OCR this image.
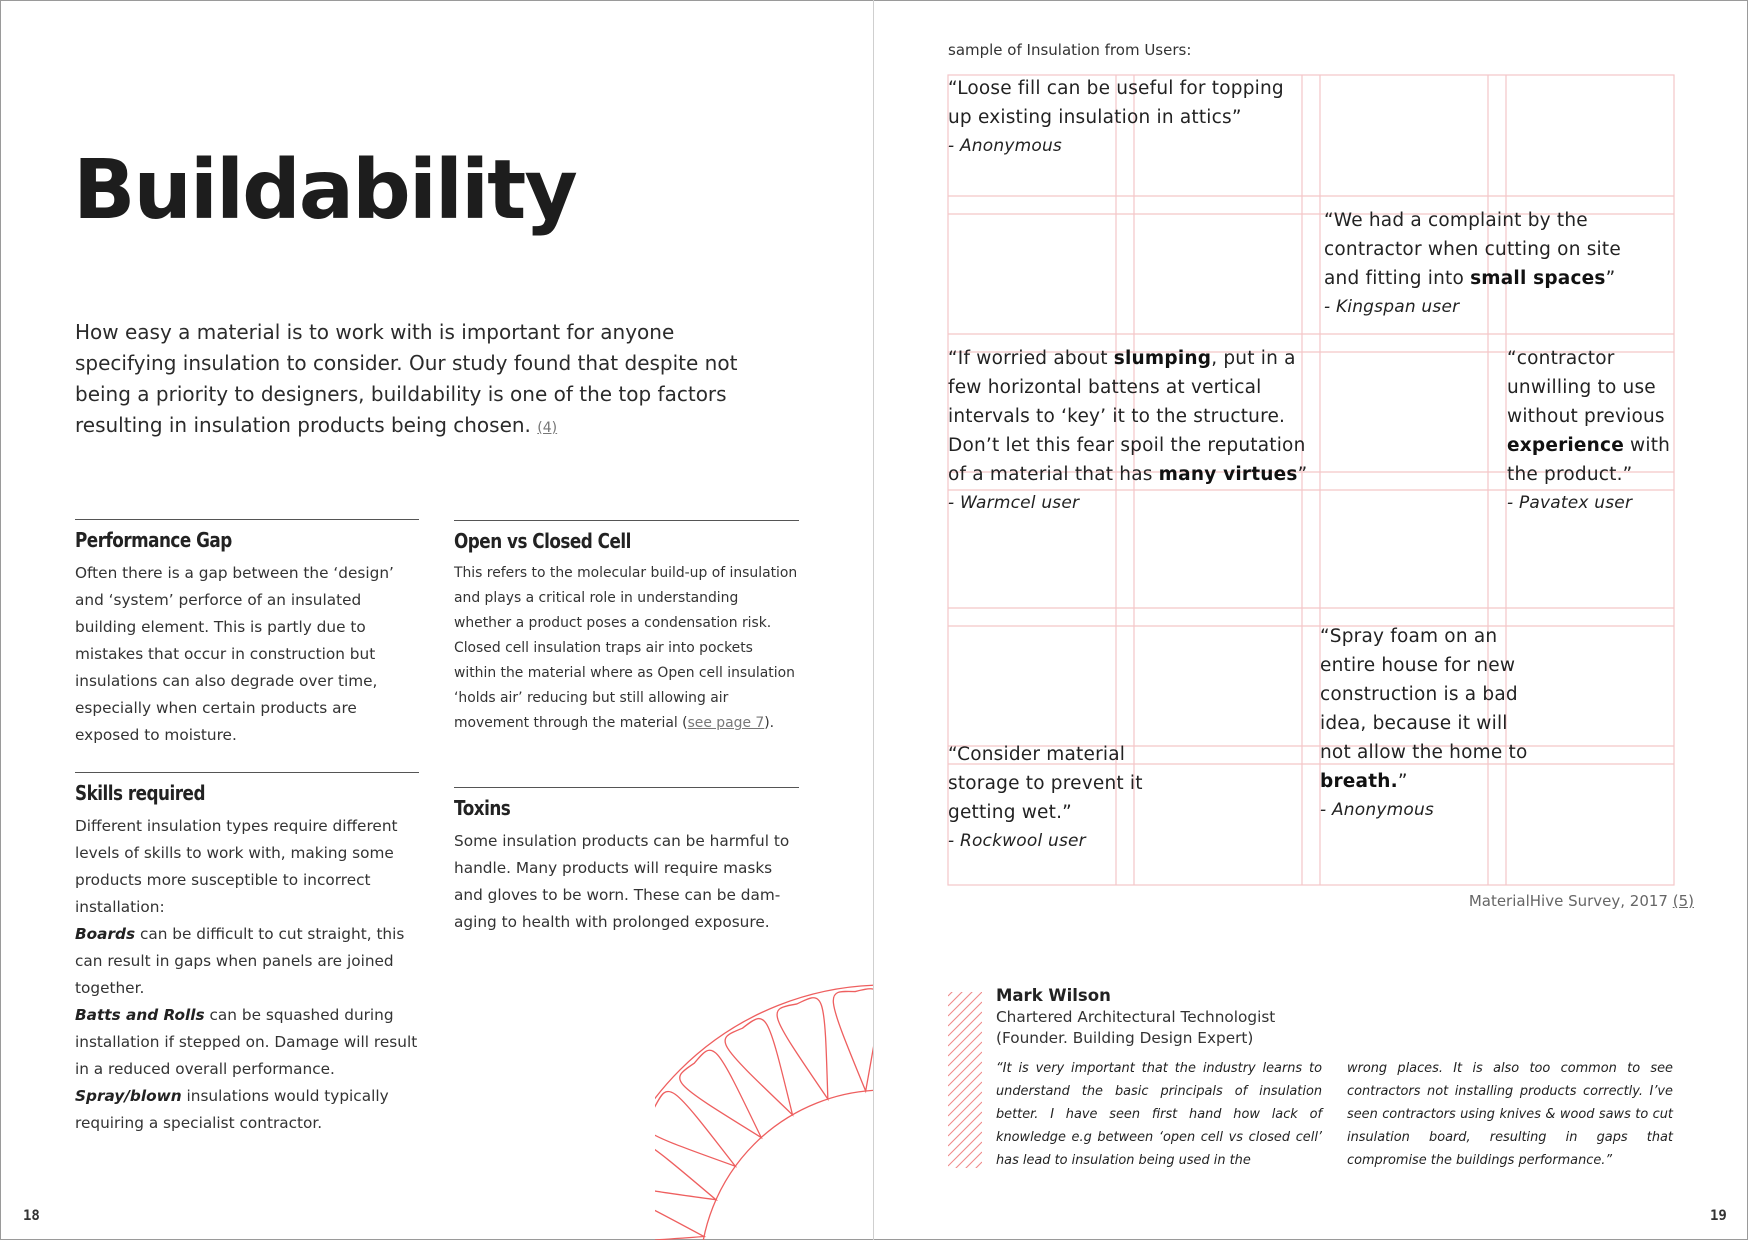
Buildability

How easy a material is to work with is important for anyone specifying insulation to consider. Our study found that despite not being a priority to designers, buildability is one of the top factors resulting in insulation products being chosen. (4)

Performance Gap

Often there is a gap between the ‘design’ and ‘system’ perforce of an insulated building element. This is partly due to mistakes that occur in construction but insulations can also degrade over time, especially when certain products are exposed to moisture.

Skills required

Different insulation types require different levels of skills to work with, making some products more susceptible to incorrect installation:
Boards can be difficult to cut straight, this can result in gaps when panels are joined together.
Batts and Rolls can be squashed during installation if stepped on. Damage will result in a reduced overall performance.
Spray/blown insulations would typically requiring a specialist contractor.

Open vs Closed Cell

This refers to the molecular build-up of insulation and plays a critical role in understanding whether a product poses a condensation risk. Closed cell insulation traps air into pockets within the material where as Open cell insulation ‘holds air’ reducing but still allowing air movement through the material (see page 7).

Toxins

Some insulation products can be harmful to handle. Many products will require masks and gloves to be worn. These can be dam-aging to health with prolonged exposure.

18
sample of Insulation from Users:

“Loose fill can be useful for topping up existing insulation in attics”
- Anonymous

“We had a complaint by the contractor when cutting on site and fitting into small spaces”
- Kingspan user

“If worried about slumping, put in a few horizontal battens at vertical intervals to ‘key’ it to the structure. Don’t let this fear spoil the reputation of a material that has many virtues”
- Warmcel user

“contractor unwilling to use without previous experience with the product.”
- Pavatex user

“Consider material storage to prevent it getting wet.”
- Rockwool user

“Spray foam on an entire house for new construction is a bad idea, because it will not allow the home to breath.”
- Anonymous

MaterialHive Survey, 2017 (5)
Mark Wilson
Chartered Architectural Technologist
(Founder. Building Design Expert)

“It is very important that the industry learns to understand the basic principals of insulation better. I have seen first hand how lack of knowledge e.g between ‘open cell vs closed cell’ has lead to insulation being used in the

wrong places. It is also too common to see contractors not installing products correctly. I’ve seen contractors using knives & wood saws to cut insulation board, resulting in gaps that compromise the buildings performance.”

19
